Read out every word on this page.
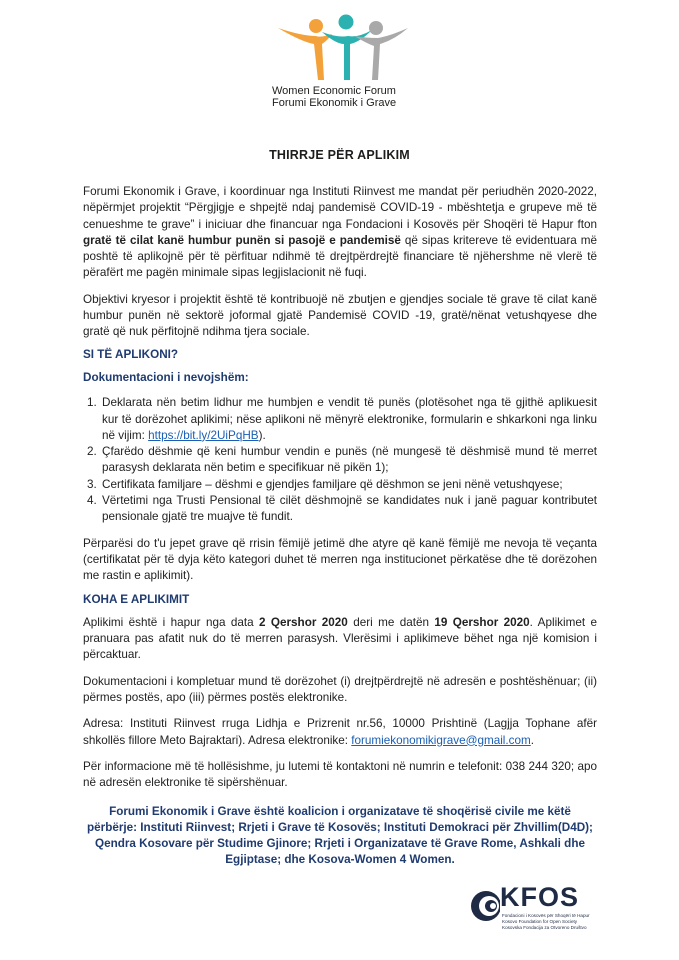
Women Economic Forum
Forumi Ekonomik i Grave
THIRRJE PËR APLIKIM

Forumi Ekonomik i Grave, i koordinuar nga Instituti Riinvest me mandat për periudhën 2020-2022, nëpërmjet projektit “Përgjigje e shpejtë ndaj pandemisë COVID-19 - mbështetja e grupeve më të cenueshme te grave” i iniciuar dhe financuar nga Fondacioni i Kosovës për Shoqëri të Hapur fton gratë të cilat kanë humbur punën si pasojë e pandemisë që sipas kritereve të evidentuara më poshtë të aplikojnë për të përfituar ndihmë të drejtpërdrejtë financiare të njëhershme në vlerë të përafërt me pagën minimale sipas legjislacionit në fuqi.

Objektivi kryesor i projektit është të kontribuojë në zbutjen e gjendjes sociale të grave të cilat kanë humbur punën në sektorë joformal gjatë Pandemisë COVID -19, gratë/nënat vetushqyese dhe gratë që nuk përfitojnë ndihma tjera sociale.

SI TË APLIKONI?

Dokumentacioni i nevojshëm:

1. Deklarata nën betim lidhur me humbjen e vendit të punës (plotësohet nga të gjithë aplikuesit kur të dorëzohet aplikimi; nëse aplikoni në mënyrë elektronike, formularin e shkarkoni nga linku në vijim: https://bit.ly/2UiPqHB).
2. Çfarëdo dëshmie që keni humbur vendin e punës (në mungesë të dëshmisë mund të merret parasysh deklarata nën betim e specifikuar në pikën 1);
3. Certifikata familjare – dëshmi e gjendjes familjare që dëshmon se jeni nënë vetushqyese;
4. Vërtetimi nga Trusti Pensional të cilët dëshmojnë se kandidates nuk i janë paguar kontributet pensionale gjatë tre muajve të fundit.

Përparësi do t'u jepet grave që rrisin fëmijë jetimë dhe atyre që kanë fëmijë me nevoja të veçanta (certifikatat për të dyja këto kategori duhet të merren nga institucionet përkatëse dhe të dorëzohen me rastin e aplikimit).

KOHA E APLIKIMIT

Aplikimi është i hapur nga data 2 Qershor 2020 deri me datën 19 Qershor 2020. Aplikimet e pranuara pas afatit nuk do të merren parasysh. Vlerësimi i aplikimeve bëhet nga një komision i përcaktuar.

Dokumentacioni i kompletuar mund të dorëzohet (i) drejtpërdrejtë në adresën e poshtëshënuar; (ii) përmes postës, apo (iii) përmes postës elektronike.

Adresa: Instituti Riinvest rruga Lidhja e Prizrenit nr.56, 10000 Prishtinë (Lagjja Tophane afër shkollës fillore Meto Bajraktari). Adresa elektronike: forumiekonomikigrave@gmail.com.

Për informacione më të hollësishme, ju lutemi të kontaktoni në numrin e telefonit: 038 244 320; apo në adresën elektronike të sipërshënuar.

Forumi Ekonomik i Grave është koalicion i organizatave të shoqërisë civile me këtë përbërje: Instituti Riinvest; Rrjeti i Grave të Kosovës; Instituti Demokraci për Zhvillim(D4D); Qendra Kosovare për Studime Gjinore; Rrjeti i Organizatave të Grave Rome, Ashkali dhe Egjiptase; dhe Kosova-Women 4 Women.

KFOS
Fondacioni i Kosovës për Shoqëri të Hapur
Kosovo Foundation for Open Society
Kosovska Fondacija za Otvoreno Društvo
